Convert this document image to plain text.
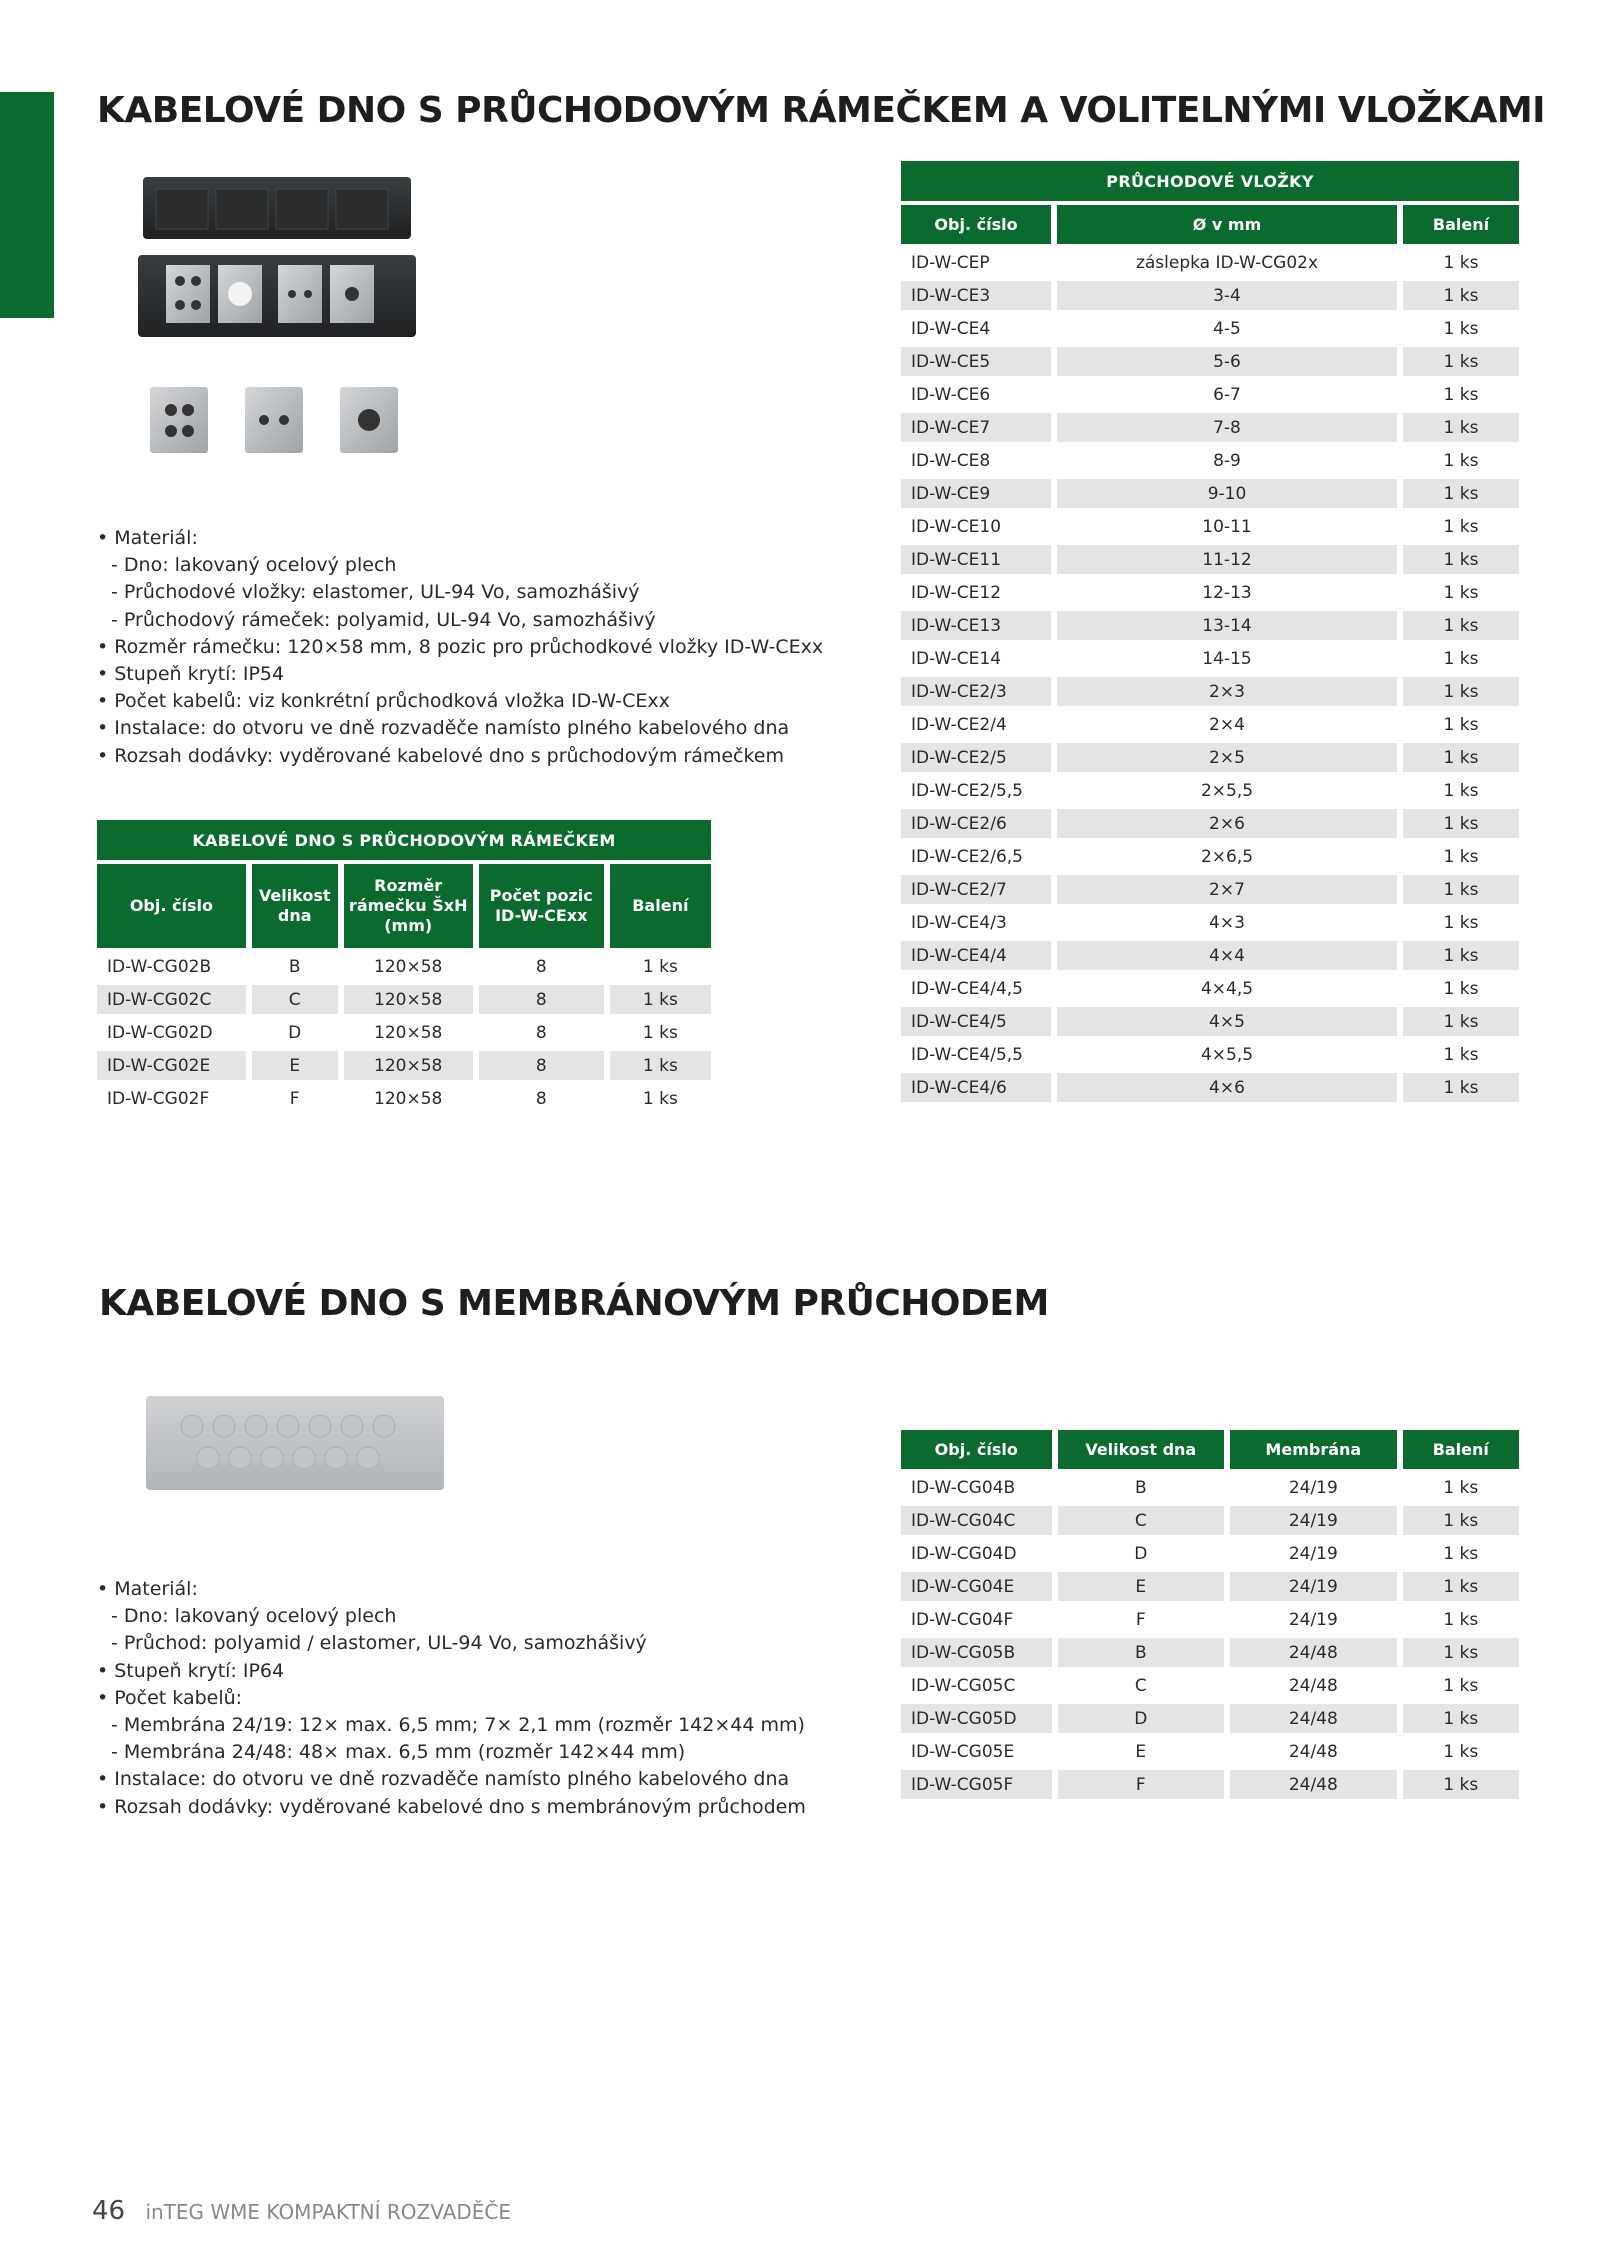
KABELOVÉ DNO S PRŮCHODOVÝM RÁMEČKEM A VOLITELNÝMI VLOŽKAMI
• Materiál:
- Dno: lakovaný ocelový plech
- Průchodové vložky: elastomer, UL-94 Vo, samozhášivý
- Průchodový rámeček: polyamid, UL-94 Vo, samozhášivý
• Rozměr rámečku: 120×58 mm, 8 pozic pro průchodkové vložky ID-W-CExx
• Stupeň krytí: IP54
• Počet kabelů: viz konkrétní průchodková vložka ID-W-CExx
• Instalace: do otvoru ve dně rozvaděče namísto plného kabelového dna
• Rozsah dodávky: vyděrované kabelové dno s průchodovým rámečkem
KABELOVÉ DNO S PRŮCHODOVÝM RÁMEČKEM				
Obj. číslo	Velikost dna	Rozměr rámečku ŠxH (mm)	Počet pozic ID-W-CExx	Balení
ID-W-CG02B	B	120×58	8	1 ks
ID-W-CG02C	C	120×58	8	1 ks
ID-W-CG02D	D	120×58	8	1 ks
ID-W-CG02E	E	120×58	8	1 ks
ID-W-CG02F	F	120×58	8	1 ks
PRŮCHODOVÉ VLOŽKY		
Obj. číslo	Ø v mm	Balení
ID-W-CEP	záslepka ID-W-CG02x	1 ks
ID-W-CE3	3-4	1 ks
ID-W-CE4	4-5	1 ks
ID-W-CE5	5-6	1 ks
ID-W-CE6	6-7	1 ks
ID-W-CE7	7-8	1 ks
ID-W-CE8	8-9	1 ks
ID-W-CE9	9-10	1 ks
ID-W-CE10	10-11	1 ks
ID-W-CE11	11-12	1 ks
ID-W-CE12	12-13	1 ks
ID-W-CE13	13-14	1 ks
ID-W-CE14	14-15	1 ks
ID-W-CE2/3	2×3	1 ks
ID-W-CE2/4	2×4	1 ks
ID-W-CE2/5	2×5	1 ks
ID-W-CE2/5,5	2×5,5	1 ks
ID-W-CE2/6	2×6	1 ks
ID-W-CE2/6,5	2×6,5	1 ks
ID-W-CE2/7	2×7	1 ks
ID-W-CE4/3	4×3	1 ks
ID-W-CE4/4	4×4	1 ks
ID-W-CE4/4,5	4×4,5	1 ks
ID-W-CE4/5	4×5	1 ks
ID-W-CE4/5,5	4×5,5	1 ks
ID-W-CE4/6	4×6	1 ks
KABELOVÉ DNO S MEMBRÁNOVÝM PRŮCHODEM
• Materiál:
- Dno: lakovaný ocelový plech
- Průchod: polyamid / elastomer, UL-94 Vo, samozhášivý
• Stupeň krytí: IP64
• Počet kabelů:
- Membrána 24/19: 12× max. 6,5 mm; 7× 2,1 mm (rozměr 142×44 mm)
- Membrána 24/48: 48× max. 6,5 mm (rozměr 142×44 mm)
• Instalace: do otvoru ve dně rozvaděče namísto plného kabelového dna
• Rozsah dodávky: vyděrované kabelové dno s membránovým průchodem
Obj. číslo	Velikost dna	Membrána	Balení
ID-W-CG04B	B	24/19	1 ks
ID-W-CG04C	C	24/19	1 ks
ID-W-CG04D	D	24/19	1 ks
ID-W-CG04E	E	24/19	1 ks
ID-W-CG04F	F	24/19	1 ks
ID-W-CG05B	B	24/48	1 ks
ID-W-CG05C	C	24/48	1 ks
ID-W-CG05D	D	24/48	1 ks
ID-W-CG05E	E	24/48	1 ks
ID-W-CG05F	F	24/48	1 ks
46 inTEG WME KOMPAKTNÍ ROZVADĚČE
